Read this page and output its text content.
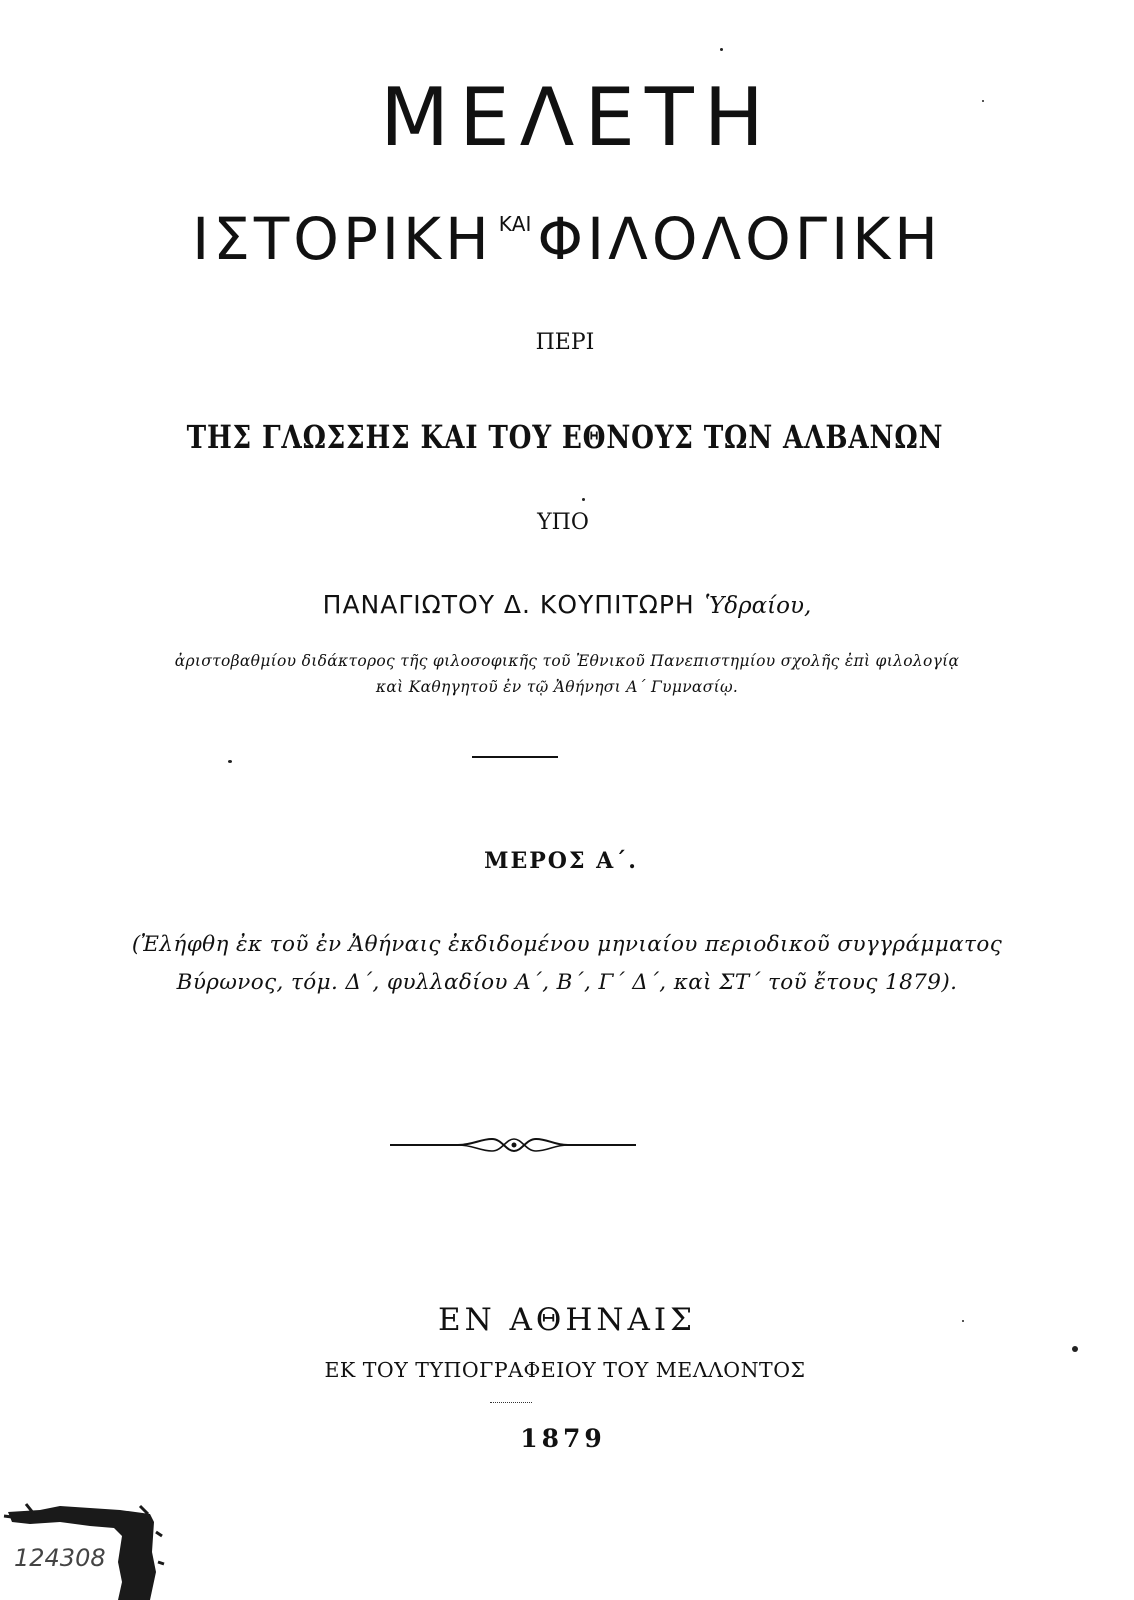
ΜΕΛΕΤΗ
ΙΣΤΟΡΙΚΗ $^{KAI}$ ΦΙΛΟΛΟΓΙΚΗ
ΠΕΡΙ
ΤΗΣ ΓΛΩΣΣΗΣ ΚΑΙ ΤΟΥ ΕΘΝΟΥΣ ΤΩΝ ΑΛΒΑΝΩΝ
ΥΠΟ
ΠΑΝΑΓΙΩΤΟΥ Δ. ΚΟΥΠΙΤΩΡΗ Ὑδραίου,
ἀριστοβαθμίου διδάκτορος τῆς φιλοσοφικῆς τοῦ Ἐθνικοῦ Πανεπιστημίου σχολῆς ἐπὶ φιλολογίᾳ
καὶ Καθηγητοῦ ἐν τῷ Ἀθήνησι Α΄ Γυμνασίῳ.
ΜΕΡΟΣ Α΄.
(Ἐλήφθη ἐκ τοῦ ἐν Ἀθήναις ἐκδιδομένου μηνιαίου περιοδικοῦ συγγράμματος
Βύρωνος, τόμ. Δ΄, φυλλαδίου Α΄, Β΄, Γ΄ Δ΄, καὶ ΣΤ΄ τοῦ ἔτους 1879).
ΕΝ ΑΘΗΝΑΙΣ
ΕΚ ΤΟΥ ΤΥΠΟΓΡΑΦΕΙΟΥ ΤΟΥ ΜΕΛΛΟΝΤΟΣ
1879
124308
